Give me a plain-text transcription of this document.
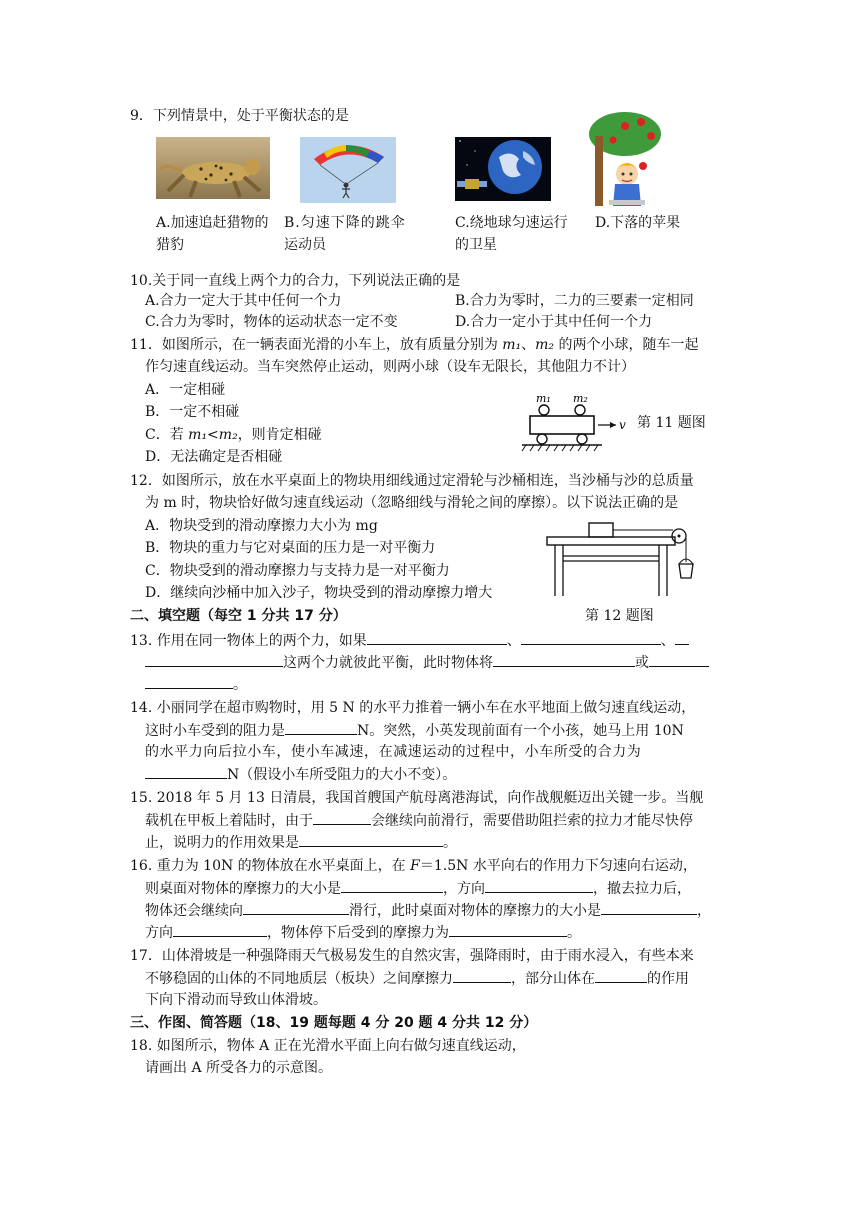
9．下列情景中，处于平衡状态的是
A.加速追赶猎物的
猎豹
B.匀速下降的跳伞
运动员
C.绕地球匀速运行
的卫星
D.下落的苹果
10.关于同一直线上两个力的合力，下列说法正确的是
A.合力一定大于其中任何一个力	B.合力为零时，二力的三要素一定相同
C.合力为零时，物体的运动状态一定不变	D.合力一定小于其中任何一个力
11．如图所示，在一辆表面光滑的小车上，放有质量分别为 m₁、m₂ 的两个小球，随车一起
作匀速直线运动。当车突然停止运动，则两小球（设车无限长，其他阻力不计）
A．一定相碰
B．一定不相碰
C．若 m₁<m₂，则肯定相碰
D．无法确定是否相碰
m₁ m₂
v 第 11 题图
12．如图所示，放在水平桌面上的物块用细线通过定滑轮与沙桶相连，当沙桶与沙的总质量
为 m 时，物块恰好做匀速直线运动（忽略细线与滑轮之间的摩擦）。以下说法正确的是
A．物块受到的滑动摩擦力大小为 mg
B．物块的重力与它对桌面的压力是一对平衡力
C．物块受到的滑动摩擦力与支持力是一对平衡力
D．继续向沙桶中加入沙子，物块受到的滑动摩擦力增大
第 12 题图
二、填空题（每空 1 分共 17 分）
13. 作用在同一物体上的两个力，如果	、	、
这两个力就彼此平衡，此时物体将	或
。
14. 小丽同学在超市购物时，用 5 N 的水平力推着一辆小车在水平地面上做匀速直线运动，
这时小车受到的阻力是	N。突然，小英发现前面有一个小孩，她马上用 10N
的水平力向后拉小车，使小车减速，在减速运动的过程中，小车所受的合力为
N（假设小车所受阻力的大小不变）。
15. 2018 年 5 月 13 日清晨，我国首艘国产航母离港海试，向作战舰艇迈出关键一步。当舰
载机在甲板上着陆时，由于	会继续向前滑行，需要借助阻拦索的拉力才能尽快停
止，说明力的作用效果是	。
16. 重力为 10N 的物体放在水平桌面上，在 F＝1.5N 水平向右的作用力下匀速向右运动，
则桌面对物体的摩擦力的大小是	，方向	，撤去拉力后，
物体还会继续向	滑行，此时桌面对物体的摩擦力的大小是	，
方向	，物体停下后受到的摩擦力为	。
17．山体滑坡是一种强降雨天气极易发生的自然灾害，强降雨时，由于雨水浸入，有些本来
不够稳固的山体的不同地质层（板块）之间摩擦力	，部分山体在	的作用
下向下滑动而导致山体滑坡。
三、作图、简答题（18、19 题每题 4 分 20 题 4 分共 12 分）
18. 如图所示，物体 A 正在光滑水平面上向右做匀速直线运动，
请画出 A 所受各力的示意图。
